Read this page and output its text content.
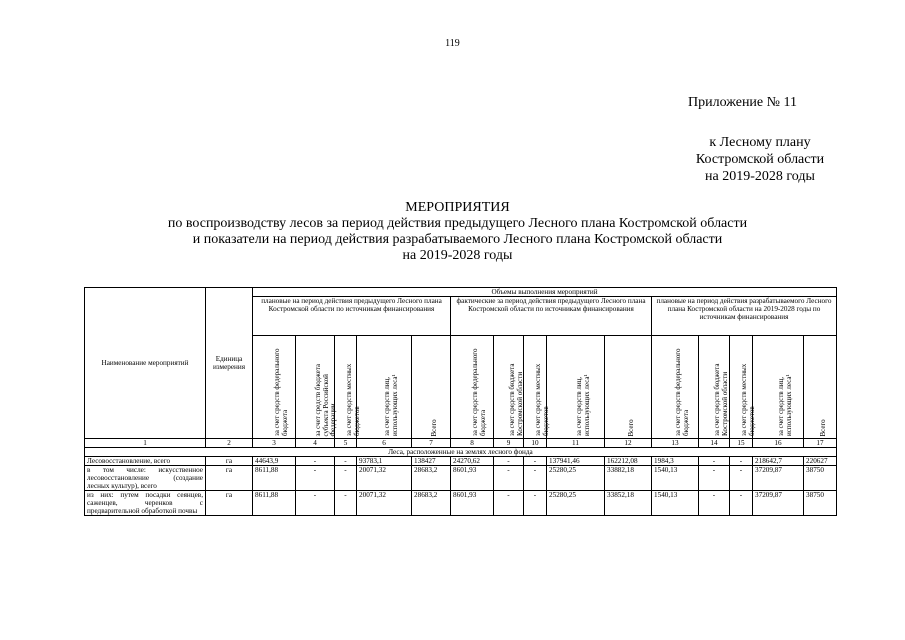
119
Приложение № 11
к Лесному плану
Костромской области
на 2019-2028 годы
МЕРОПРИЯТИЯ
по воспроизводству лесов за период действия предыдущего Лесного плана Костромской области
и показатели на период действия разрабатываемого Лесного плана Костромской области
на 2019-2028 годы
Наименование мероприятий	Единица измерения	Объемы выполнения мероприятий														
		плановые на период действия предыдущего Лесного плана Костромской области по источникам финансирования					фактические за период действия предыдущего Лесного плана Костромской области по источникам финансирования					плановые на период действия разрабатываемого Лесного плана Костромской области на 2019-2028 годы по источникам финансирования				

		за счет средств федерального бюджета	за счет средств бюджета субъекта Российской Федерации	за счет средств местных бюджетов	за счет средств лиц, использующих леса¹	Всего	за счет средств федерального бюджета	за счет средств бюджета Костромской области	за счет средств местных бюджетов	за счет средств лиц, использующих леса¹	Всего	за счет средств федерального бюджета	за счет средств бюджета Костромской области	за счет средств местных бюджетов	за счет средств лиц, использующих леса¹	Всего

1	2	3	4	5	6	7	8	9	10	11	12	13	14	15	16	17
Леса, расположенные на землях лесного фонда																
Лесовосстановление, всего	га	44643,9	-	-	93783,1	138427	24270,62	-	-	137941,46	162212,08	1984,3	-	-	218642,7	220627
в том числе: искусственное лесовосстановление (создание лесных культур), всего	га	8611,88	-	-	20071,32	28683,2	8601,93	-	-	25280,25	33882,18	1540,13	-	-	37209,87	38750
из них: путем посадки сеянцев, саженцев, черенков с предварительной обработкой почвы	га	8611,88	-	-	20071,32	28683,2	8601,93	-	-	25280,25	33852,18	1540,13	-	-	37209,87	38750
